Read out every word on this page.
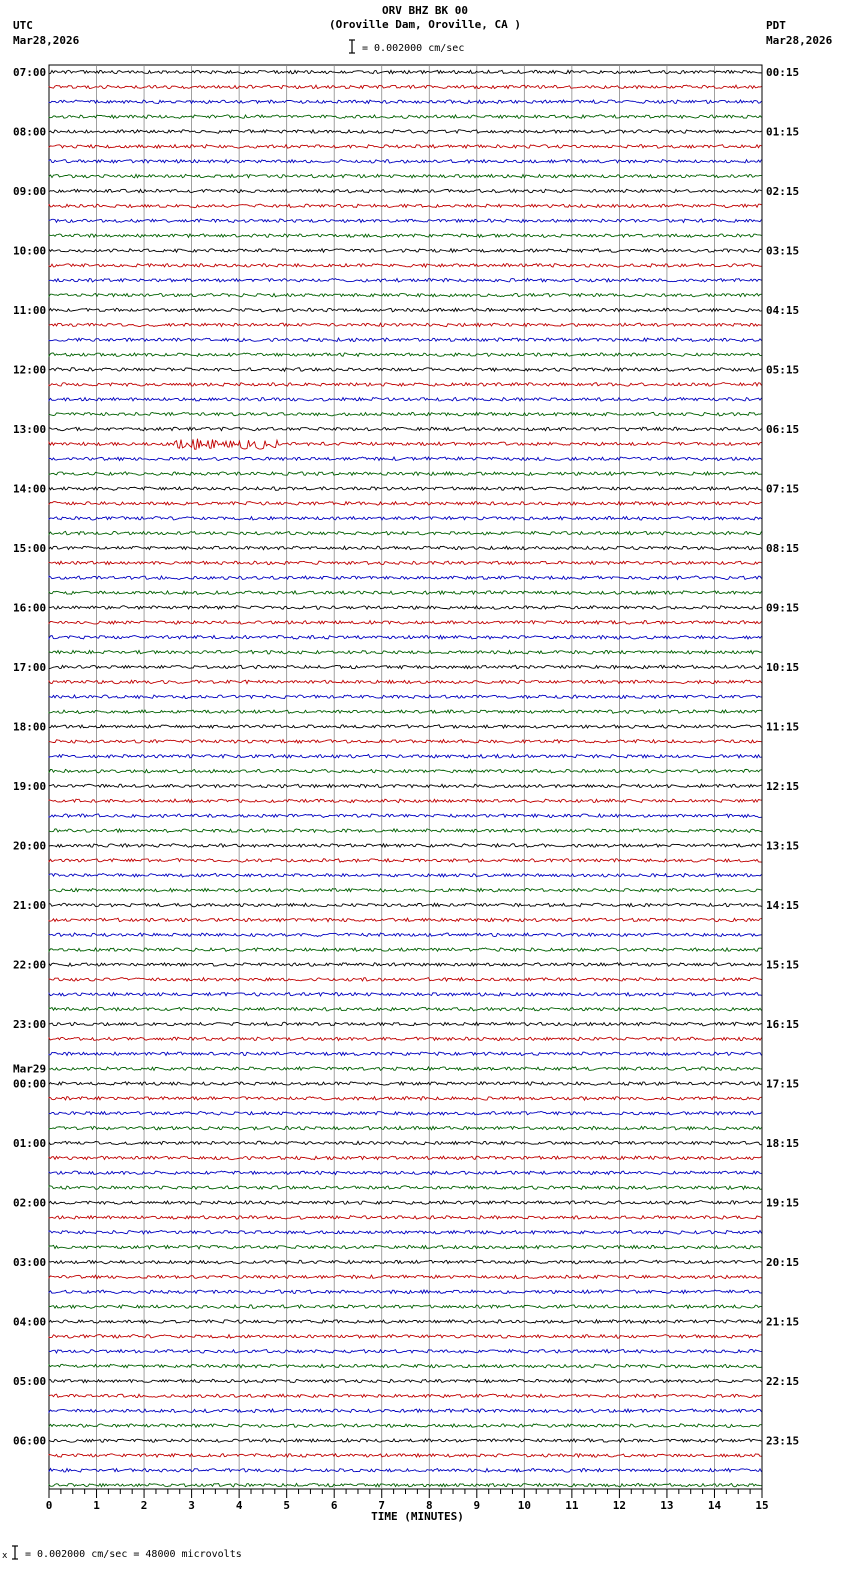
ORV BHZ BK 00
(Oroville Dam, Oroville, CA )
UTC
Mar28,2026
PDT
Mar28,2026
= 0.002000 cm/sec
07:00
08:00
09:00
10:00
11:00
12:00
13:00
14:00
15:00
16:00
17:00
18:00
19:00
20:00
21:00
22:00
23:00
00:00
Mar29
01:00
02:00
03:00
04:00
05:00
06:00
00:15
01:15
02:15
03:15
04:15
05:15
06:15
07:15
08:15
09:15
10:15
11:15
12:15
13:15
14:15
15:15
16:15
17:15
18:15
19:15
20:15
21:15
22:15
23:15
0	1	2	3	4	5	6	7	8	9	10	11	12	13	14	15
TIME (MINUTES)
x = 0.002000 cm/sec = 48000 microvolts
